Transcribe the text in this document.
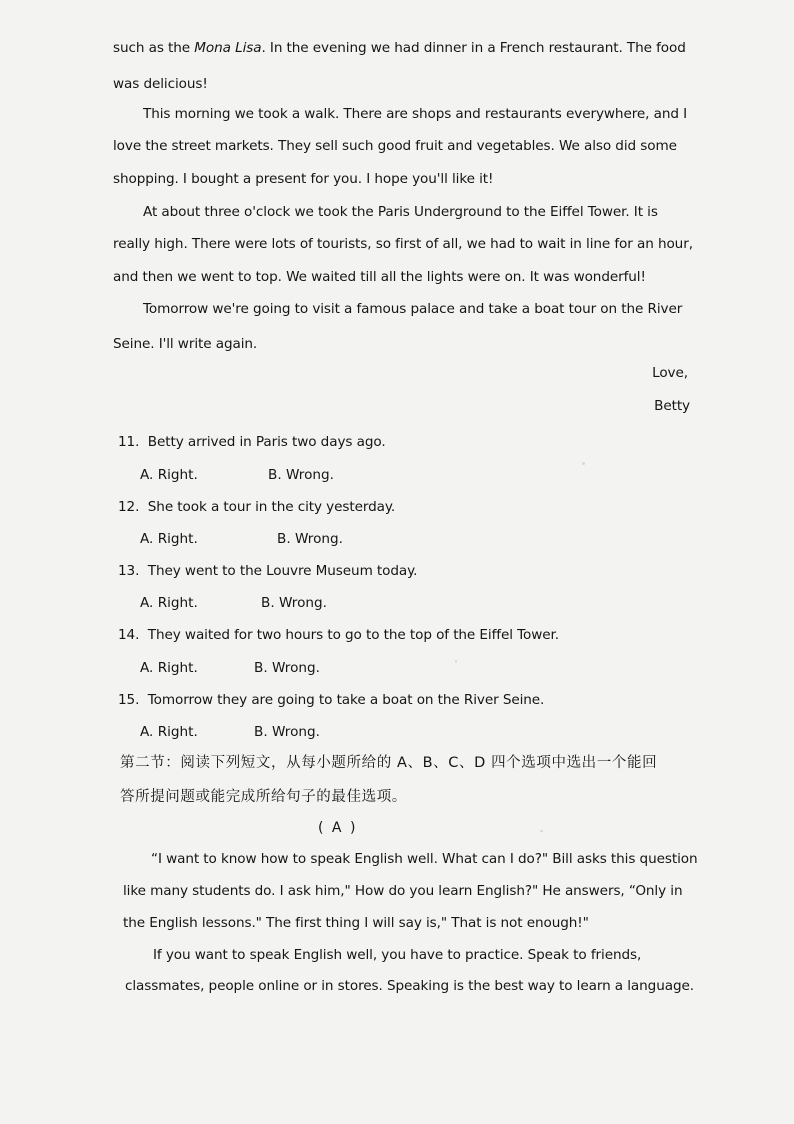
such as the Mona Lisa. In the evening we had dinner in a French restaurant. The food
was delicious!
This morning we took a walk. There are shops and restaurants everywhere, and I
love the street markets. They sell such good fruit and vegetables. We also did some
shopping. I bought a present for you. I hope you'll like it!
At about three o'clock we took the Paris Underground to the Eiffel Tower. It is
really high. There were lots of tourists, so first of all, we had to wait in line for an hour,
and then we went to top. We waited till all the lights were on. It was wonderful!
Tomorrow we're going to visit a famous palace and take a boat tour on the River
Seine. I'll write again.
Love,
Betty
11. Betty arrived in Paris two days ago.
A. Right.	B. Wrong.
12. She took a tour in the city yesterday.
A. Right.	B. Wrong.
13. They went to the Louvre Museum today.
A. Right.	B. Wrong.
14. They waited for two hours to go to the top of the Eiffel Tower.
A. Right.	B. Wrong.
15. Tomorrow they are going to take a boat on the River Seine.
A. Right.	B. Wrong.
第二节：阅读下列短文，从每小题所给的 A、B、C、D 四个选项中选出一个能回
答所提问题或能完成所给句子的最佳选项。
( A )
“I want to know how to speak English well. What can I do?" Bill asks this question
like many students do. I ask him," How do you learn English?" He answers, “Only in
the English lessons." The first thing I will say is," That is not enough!"
If you want to speak English well, you have to practice. Speak to friends,
classmates, people online or in stores. Speaking is the best way to learn a language.
